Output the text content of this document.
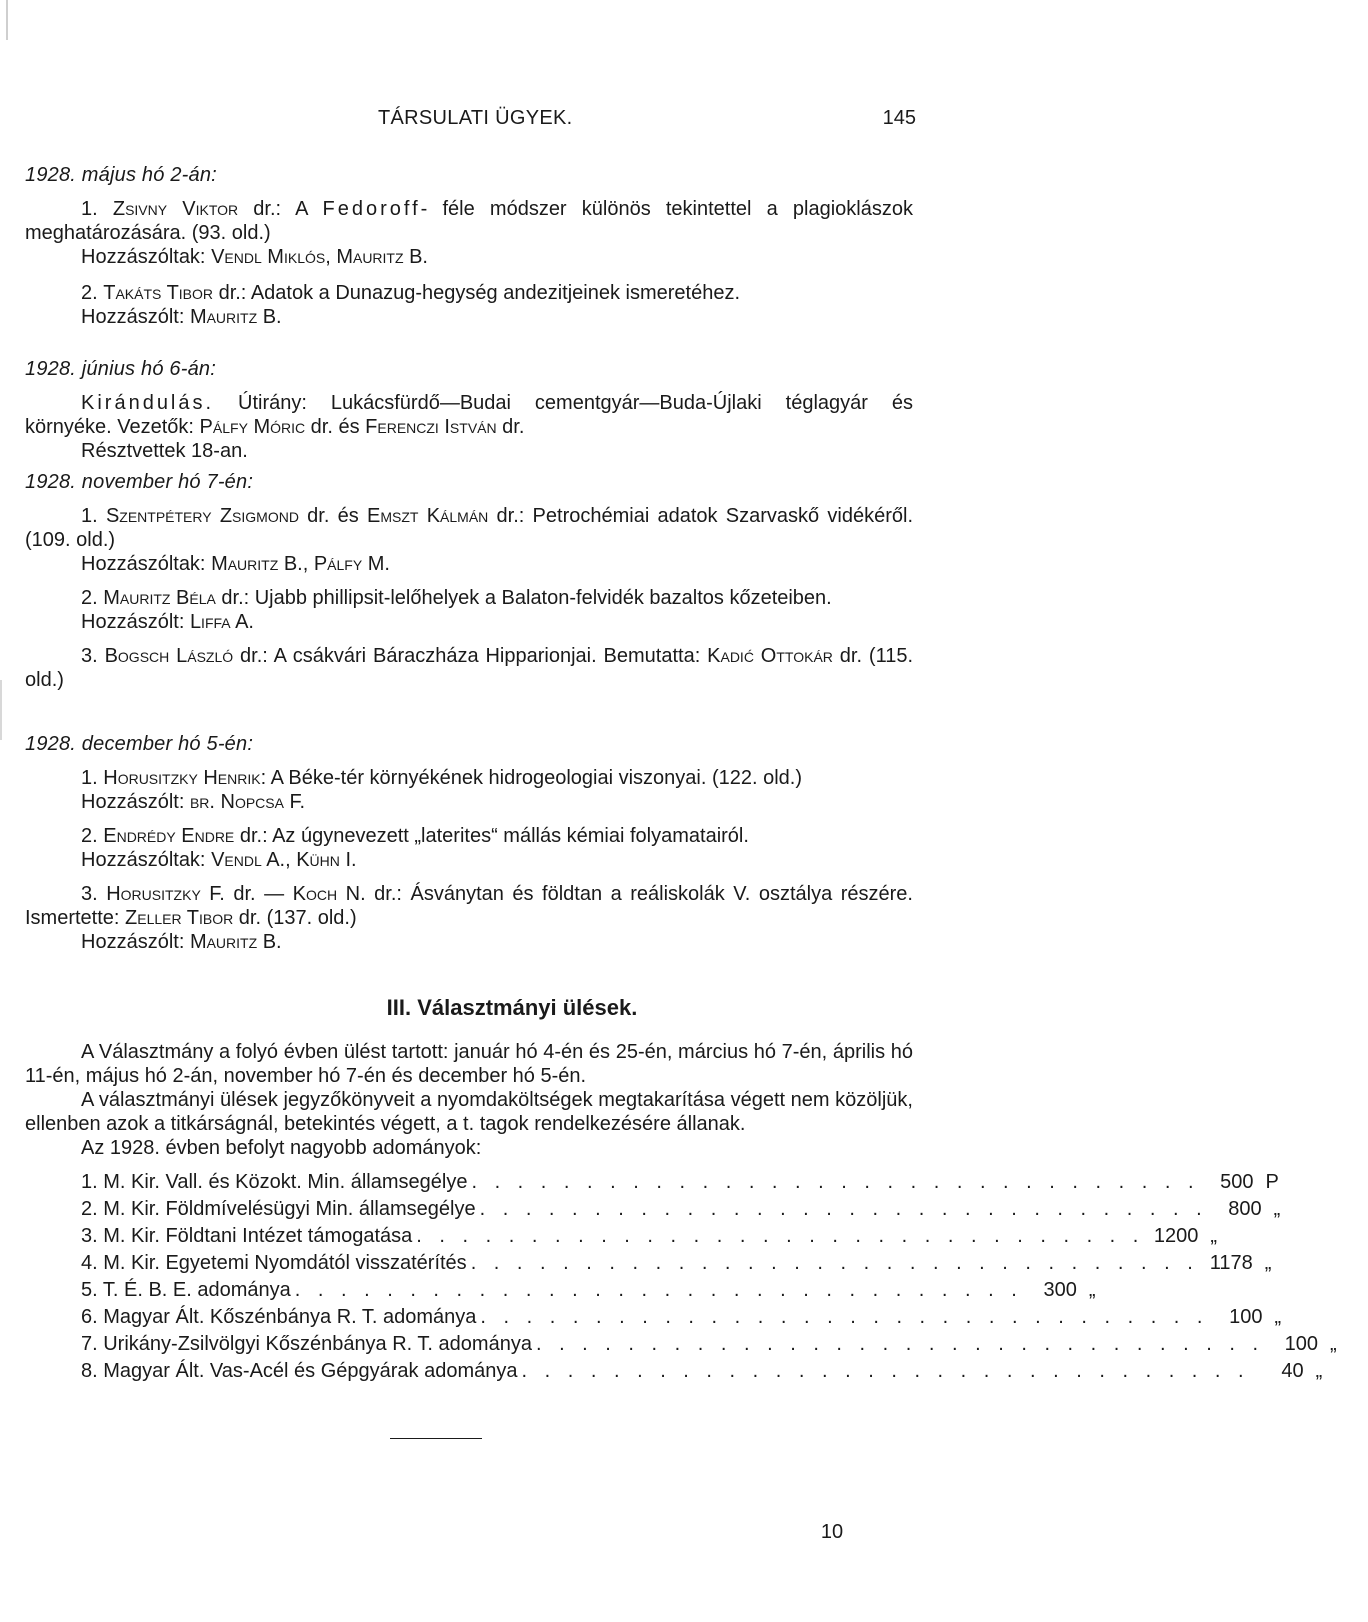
TÁRSULATI ÜGYEK.	145

1928. május hó 2-án:

1. Zsivny Viktor dr.: A Fedoroff- féle módszer különös tekintettel a plagioklászok meghatározására. (93. old.)

Hozzászóltak: Vendl Miklós, Mauritz B.

2. Takáts Tibor dr.: Adatok a Dunazug-hegység andezitjeinek ismeretéhez.

Hozzászólt: Mauritz B.

1928. június hó 6-án:

Kirándulás. Útirány: Lukácsfürdő—Budai cementgyár—Buda-Újlaki téglagyár és környéke. Vezetők: Pálfy Móric dr. és Ferenczi István dr.

Résztvettek 18-an.

1928. november hó 7-én:

1. Szentpétery Zsigmond dr. és Emszt Kálmán dr.: Petrochémiai adatok Szarvaskő vidékéről. (109. old.)

Hozzászóltak: Mauritz B., Pálfy M.

2. Mauritz Béla dr.: Ujabb phillipsit-lelőhelyek a Balaton-felvidék bazaltos kőzeteiben.

Hozzászólt: Liffa A.

3. Bogsch László dr.: A csákvári Báraczháza Hipparionjai. Bemutatta: Kadić Ottokár dr. (115. old.)

1928. december hó 5-én:

1. Horusitzky Henrik: A Béke-tér környékének hidrogeologiai viszonyai. (122. old.)

Hozzászólt: br. Nopcsa F.

2. Endrédy Endre dr.: Az úgynevezett „laterites“ mállás kémiai folyamatairól.

Hozzászóltak: Vendl A., Kühn I.

3. Horusitzky F. dr. — Koch N. dr.: Ásványtan és földtan a reáliskolák V. osztálya részére. Ismertette: Zeller Tibor dr. (137. old.)

Hozzászólt: Mauritz B.

III. Választmányi ülések.

A Választmány a folyó évben ülést tartott: január hó 4-én és 25-én, március hó 7-én, április hó 11-én, május hó 2-án, november hó 7-én és december hó 5-én.

A választmányi ülések jegyzőkönyveit a nyomdaköltségek megtakarítása végett nem közöljük, ellenben azok a titkárságnál, betekintés végett, a t. tagok rendelkezésére állanak.

Az 1928. évben befolyt nagyobb adományok:

1. M. Kir. Vall. és Közokt. Min. államsegélye . . . . . . . . . . . . . . . . . . . . . . . . . . . . . . . .	500 P
2. M. Kir. Földmívelésügyi Min. államsegélye . . . . . . . . . . . . . . . . . . . . . . . . . . . . . . . .	800 „
3. M. Kir. Földtani Intézet támogatása . . . . . . . . . . . . . . . . . . . . . . . . . . . . . . . . 1200 „
4. M. Kir. Egyetemi Nyomdától visszatérítés . . . . . . . . . . . . . . . . . . . . . . . . . . . . . . . . 1178 „
5. T. É. B. E. adománya . . . . . . . . . . . . . . . . . . . . . . . . . . . . . . . .	300 „
6. Magyar Ált. Kőszénbánya R. T. adománya . . . . . . . . . . . . . . . . . . . . . . . . . . . . . . . .	100 „
7. Urikány-Zsilvölgyi Kőszénbánya R. T. adománya . . . . . . . . . . . . . . . . . . . . . . . . . . . . . . . .	100 „
8. Magyar Ált. Vas-Acél és Gépgyárak adománya . . . . . . . . . . . . . . . . . . . . . . . . . . . . . . . .	40 „
10
